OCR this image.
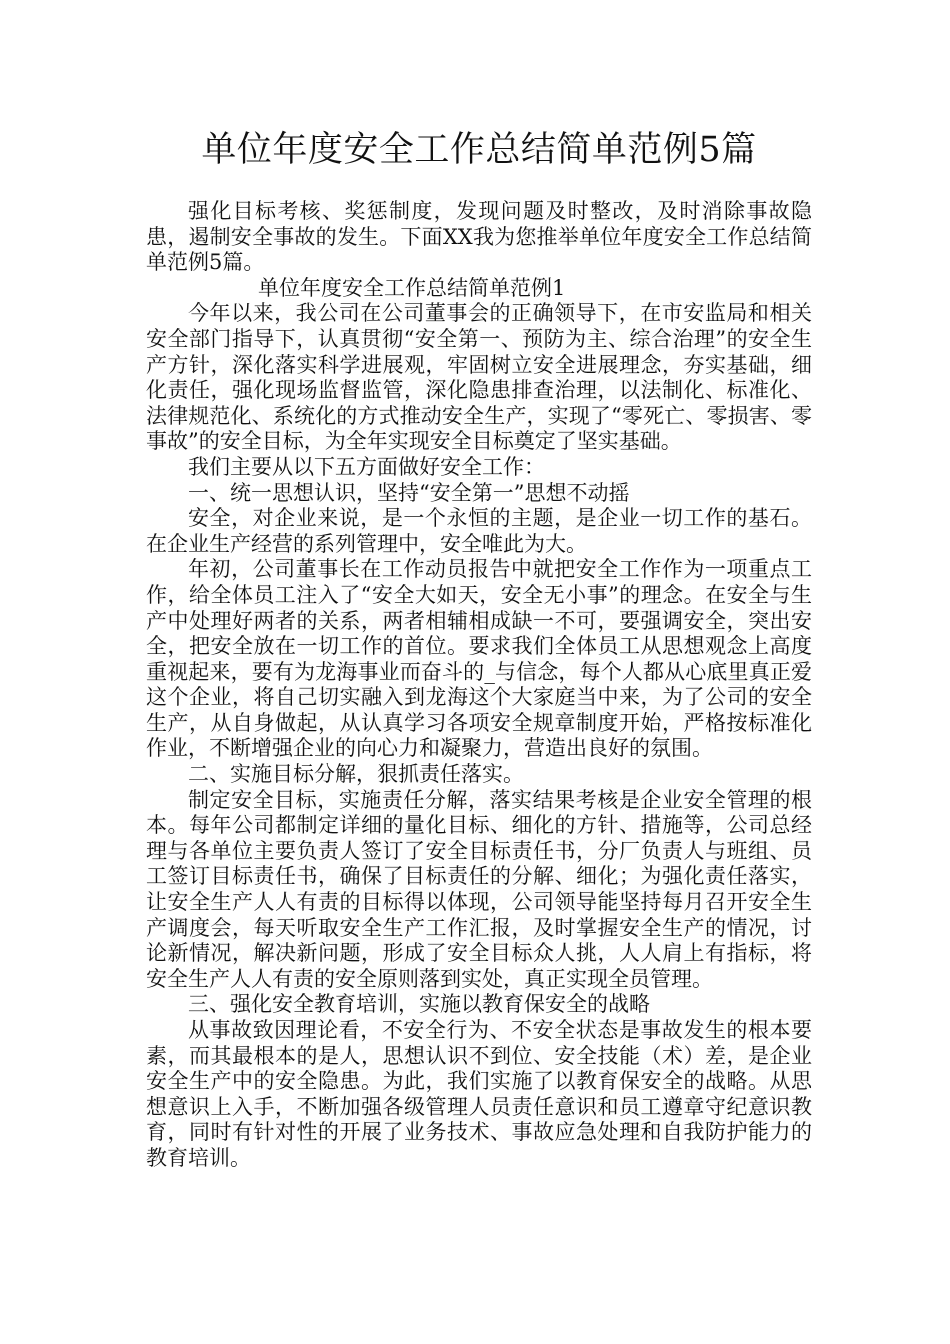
单位年度安全工作总结简单范例5篇

强化目标考核、奖惩制度，发现问题及时整改，及时消除事故隐患，遏制安全事故的发生。下面XX我为您推举单位年度安全工作总结简单范例5篇。

单位年度安全工作总结简单范例1

今年以来，我公司在公司董事会的正确领导下，在市安监局和相关安全部门指导下，认真贯彻“安全第一、预防为主、综合治理”的安全生产方针，深化落实科学进展观，牢固树立安全进展理念，夯实基础，细化责任，强化现场监督监管，深化隐患排查治理，以法制化、标准化、法律规范化、系统化的方式推动安全生产，实现了“零死亡、零损害、零事故”的安全目标，为全年实现安全目标奠定了坚实基础。

我们主要从以下五方面做好安全工作：

一、统一思想认识，坚持“安全第一”思想不动摇

安全，对企业来说，是一个永恒的主题，是企业一切工作的基石。在企业生产经营的系列管理中，安全唯此为大。

年初，公司董事长在工作动员报告中就把安全工作作为一项重点工作，给全体员工注入了“安全大如天，安全无小事”的理念。在安全与生产中处理好两者的关系，两者相辅相成缺一不可，要强调安全，突出安全，把安全放在一切工作的首位。要求我们全体员工从思想观念上高度重视起来，要有为龙海事业而奋斗的_与信念，每个人都从心底里真正爱这个企业，将自己切实融入到龙海这个大家庭当中来，为了公司的安全生产，从自身做起，从认真学习各项安全规章制度开始，严格按标准化作业，不断增强企业的向心力和凝聚力，营造出良好的氛围。

二、实施目标分解，狠抓责任落实。

制定安全目标，实施责任分解，落实结果考核是企业安全管理的根本。每年公司都制定详细的量化目标、细化的方针、措施等，公司总经理与各单位主要负责人签订了安全目标责任书，分厂负责人与班组、员工签订目标责任书，确保了目标责任的分解、细化；为强化责任落实，让安全生产人人有责的目标得以体现，公司领导能坚持每月召开安全生产调度会，每天听取安全生产工作汇报，及时掌握安全生产的情况，讨论新情况，解决新问题，形成了安全目标众人挑，人人肩上有指标，将安全生产人人有责的安全原则落到实处，真正实现全员管理。

三、强化安全教育培训，实施以教育保安全的战略

从事故致因理论看，不安全行为、不安全状态是事故发生的根本要素，而其最根本的是人，思想认识不到位、安全技能（术）差，是企业安全生产中的安全隐患。为此，我们实施了以教育保安全的战略。从思想意识上入手，不断加强各级管理人员责任意识和员工遵章守纪意识教育，同时有针对性的开展了业务技术、事故应急处理和自我防护能力的教育培训。
